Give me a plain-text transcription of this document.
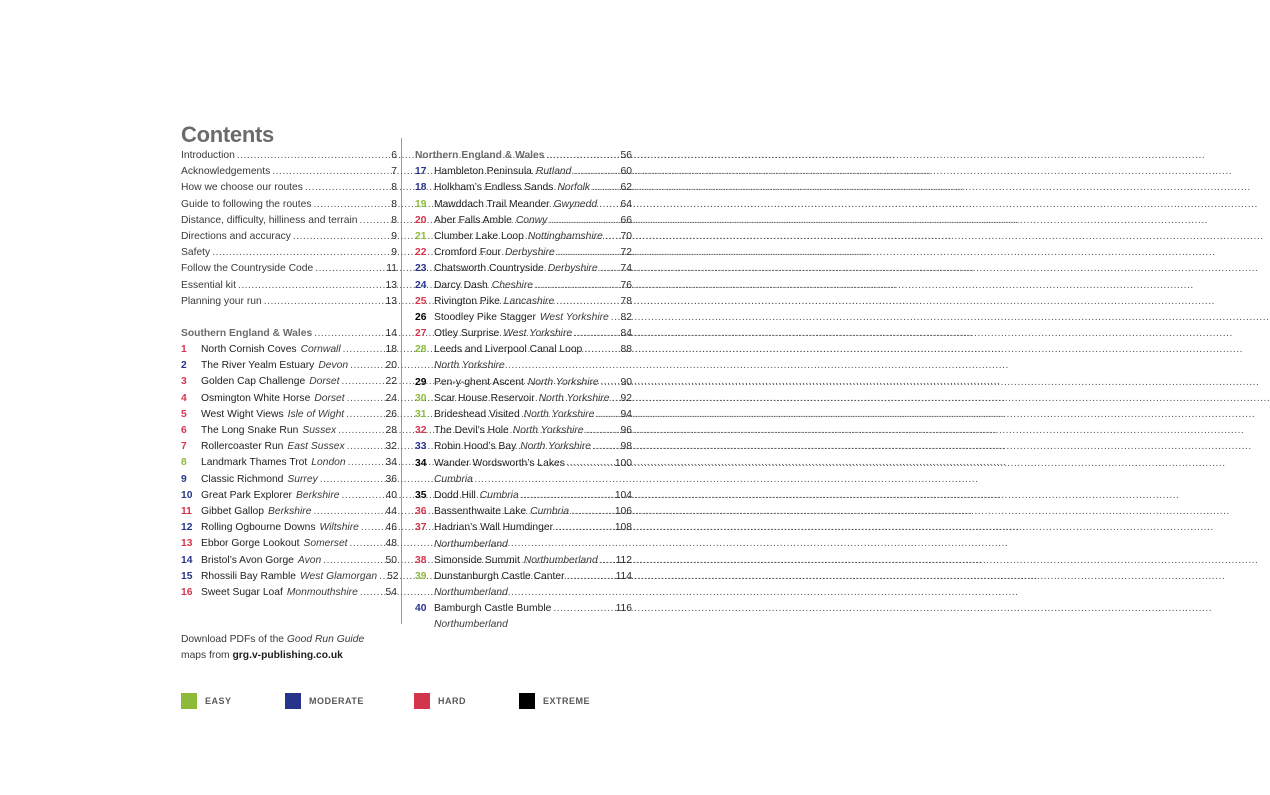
Contents
Introduction .....	6
Acknowledgements .....	7
How we choose our routes .....	8
Guide to following the routes .....	8
Distance, difficulty, hilliness and terrain .....	8
Directions and accuracy .....	9
Safety .....	9
Follow the Countryside Code .....	11
Essential kit .....	13
Planning your run .....	13
Southern England & Wales .....	14
1	North Cornish Coves Cornwall .....	18
2	The River Yealm Estuary Devon .....	20
3	Golden Cap Challenge Dorset .....	22
4	Osmington White Horse Dorset .....	24
5	West Wight Views Isle of Wight .....	26
6	The Long Snake Run Sussex .....	28
7	Rollercoaster Run East Sussex .....	32
8	Landmark Thames Trot London .....	34
9	Classic Richmond Surrey .....	36
10 Great Park Explorer Berkshire .....	40
11 Gibbet Gallop Berkshire .....	44
12 Rolling Ogbourne Downs Wiltshire .....	46
13 Ebbor Gorge Lookout Somerset .....	48
14 Bristol’s Avon Gorge Avon .....	50
15 Rhossili Bay Ramble West Glamorgan ..... 52
16 Sweet Sugar Loaf Monmouthshire .....	54
Northern England & Wales .....	56
17 Hambleton Peninsula Rutland .....	60
18 Holkham’s Endless Sands Norfolk .....	62
19 Mawddach Trail Meander Gwynedd ..... 64
20 Aber Falls Amble Conwy .....	66
21 Clumber Lake Loop Nottinghamshire ..... 70
22 Cromford Four Derbyshire .....	72
23 Chatsworth Countryside Derbyshire ..... 74
24 Darcy Dash Cheshire .....	76
25 Rivington Pike Lancashire .....	78
26 Stoodley Pike Stagger West Yorkshire ..... 82
27 Otley Surprise West Yorkshire .....	84
28 Leeds and Liverpool Canal Loop .....	88
North Yorkshire
29 Pen-y-ghent Ascent North Yorkshire ..... 90
30 Scar House Reservoir North Yorkshire ..... 92
31 Brideshead Visited North Yorkshire .....	94
32 The Devil’s Hole North Yorkshire .....	96
33 Robin Hood’s Bay North Yorkshire .....	98
34 Wander Wordsworth’s Lakes .....	100
Cumbria
35 Dodd Hill Cumbria .....	104
36 Bassenthwaite Lake Cumbria .....	106
37 Hadrian’s Wall Humdinger .....	108
Northumberland
38 Simonside Summit Northumberland ..... 112
39 Dunstanburgh Castle Canter .....	114
Northumberland
40 Bamburgh Castle Bumble .....	116
Northumberland
Download PDFs of the Good Run Guide
maps from grg.v-publishing.co.uk
EASY	MODERATE	HARD	EXTREME
